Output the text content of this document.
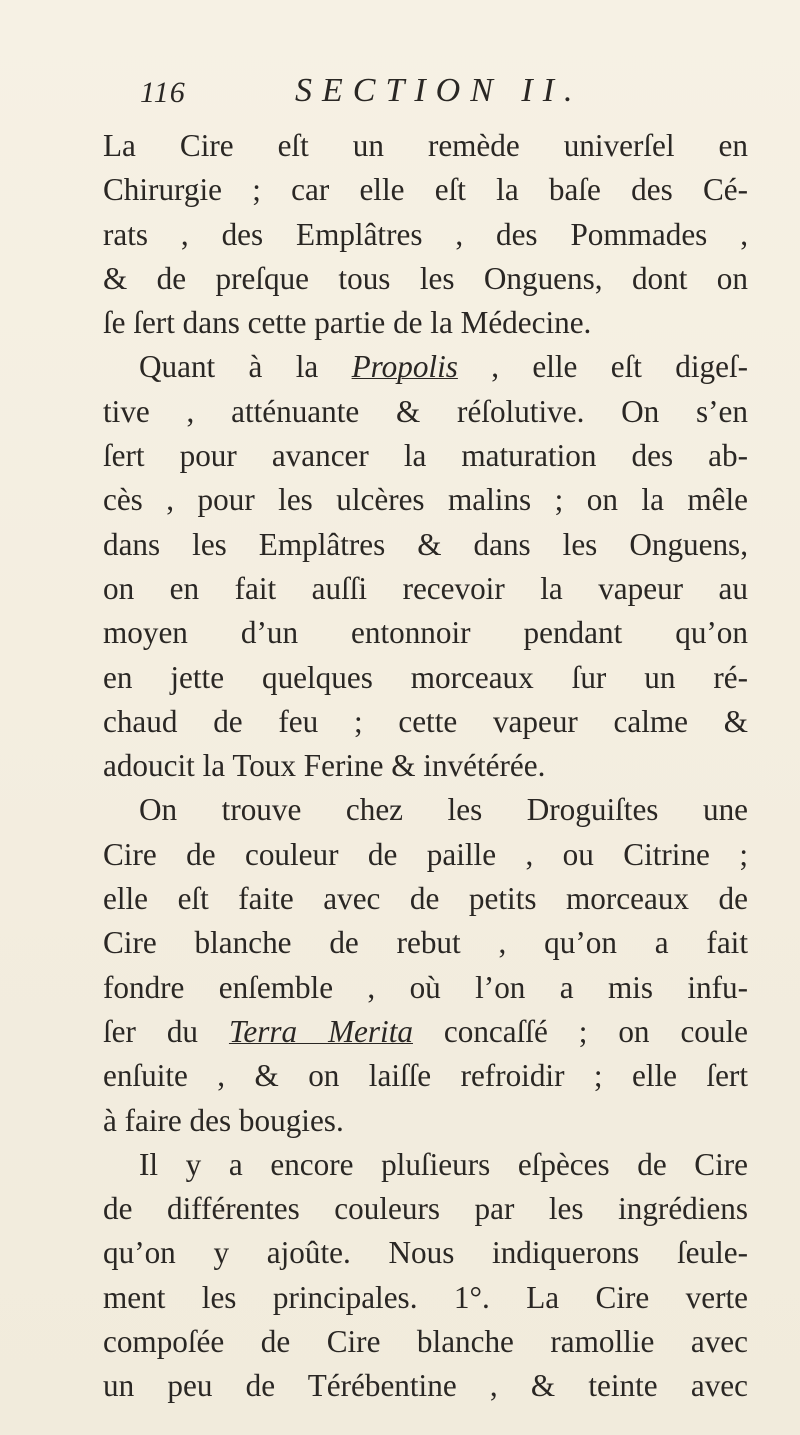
116	SECTION II.
La Cire eſt un remède univerſel en
Chirurgie ; car elle eſt la baſe des Cé-
rats , des Emplâtres , des Pommades ,
& de preſque tous les Onguens, dont on
ſe ſert dans cette partie de la Médecine.
Quant à la Propolis , elle eſt digeſ-
tive , atténuante & réſolutive. On s’en
ſert pour avancer la maturation des ab-
cès , pour les ulcères malins ; on la mêle
dans les Emplâtres & dans les Onguens,
on en fait auſſi recevoir la vapeur au
moyen d’un entonnoir pendant qu’on
en jette quelques morceaux ſur un ré-
chaud de feu ; cette vapeur calme &
adoucit la Toux Ferine & invétérée.
On trouve chez les Droguiſtes une
Cire de couleur de paille , ou Citrine ;
elle eſt faite avec de petits morceaux de
Cire blanche de rebut , qu’on a fait
fondre enſemble , où l’on a mis infu-
ſer du Terra Merita concaſſé ; on coule
enſuite , & on laiſſe refroidir ; elle ſert
à faire des bougies.
Il y a encore pluſieurs eſpèces de Cire
de différentes couleurs par les ingrédiens
qu’on y ajoûte. Nous indiquerons ſeule-
ment les principales. 1°. La Cire verte
compoſée de Cire blanche ramollie avec
un peu de Térébentine , & teinte avec
